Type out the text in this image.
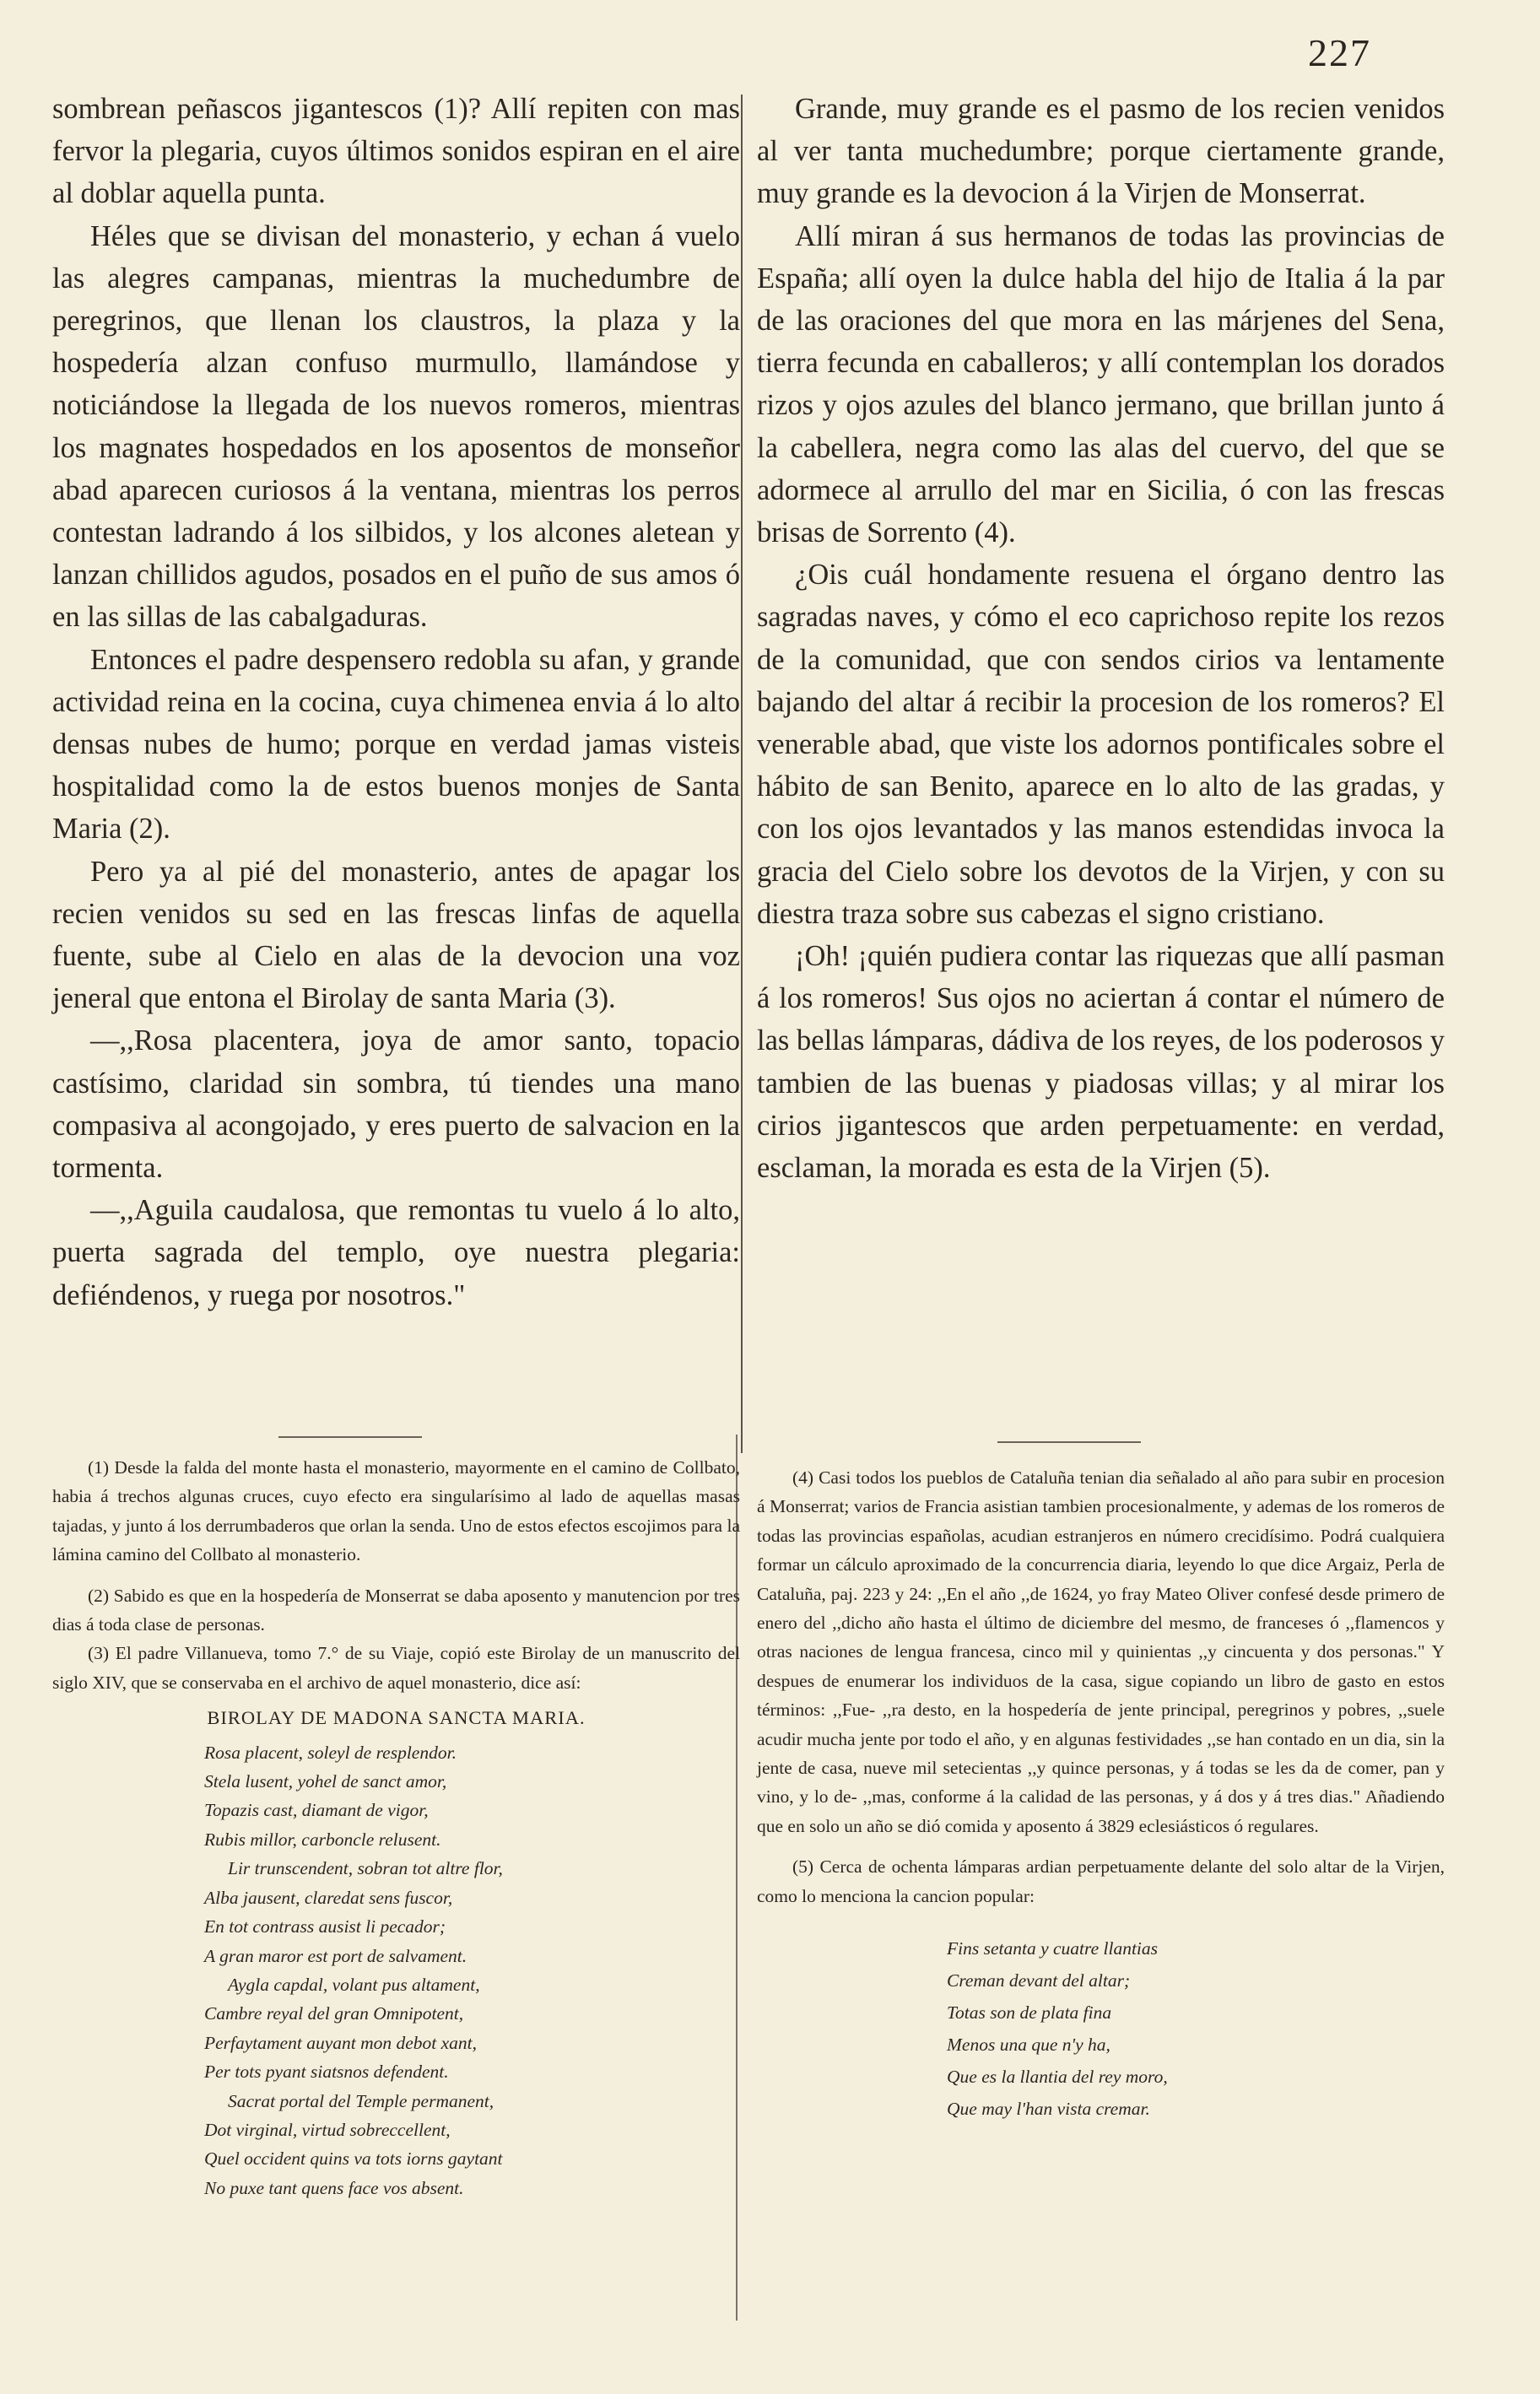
227

sombrean peñascos jigantescos (1)? Allí repiten con mas fervor la plegaria, cuyos últimos sonidos espiran en el aire al doblar aquella punta.

Héles que se divisan del monasterio, y echan á vuelo las alegres campanas, mientras la muchedumbre de peregrinos, que llenan los claustros, la plaza y la hospedería alzan confuso murmullo, llamándose y noticiándose la llegada de los nuevos romeros, mientras los magnates hospedados en los aposentos de monseñor abad aparecen curiosos á la ventana, mientras los perros contestan ladrando á los silbidos, y los alcones aletean y lanzan chillidos agudos, posados en el puño de sus amos ó en las sillas de las cabalgaduras.

Entonces el padre despensero redobla su afan, y grande actividad reina en la cocina, cuya chimenea envia á lo alto densas nubes de humo; porque en verdad jamas visteis hospitalidad como la de estos buenos monjes de Santa Maria (2).

Pero ya al pié del monasterio, antes de apagar los recien venidos su sed en las frescas linfas de aquella fuente, sube al Cielo en alas de la devocion una voz jeneral que entona el Birolay de santa Maria (3).

—,,Rosa placentera, joya de amor santo, topacio castísimo, claridad sin sombra, tú tiendes una mano compasiva al acongojado, y eres puerto de salvacion en la tormenta.

—,,Aguila caudalosa, que remontas tu vuelo á lo alto, puerta sagrada del templo, oye nuestra plegaria: defiéndenos, y ruega por nosotros."

Grande, muy grande es el pasmo de los recien venidos al ver tanta muchedumbre; porque ciertamente grande, muy grande es la devocion á la Virjen de Monserrat.

Allí miran á sus hermanos de todas las provincias de España; allí oyen la dulce habla del hijo de Italia á la par de las oraciones del que mora en las márjenes del Sena, tierra fecunda en caballeros; y allí contemplan los dorados rizos y ojos azules del blanco jermano, que brillan junto á la cabellera, negra como las alas del cuervo, del que se adormece al arrullo del mar en Sicilia, ó con las frescas brisas de Sorrento (4).

¿Ois cuál hondamente resuena el órgano dentro las sagradas naves, y cómo el eco caprichoso repite los rezos de la comunidad, que con sendos cirios va lentamente bajando del altar á recibir la procesion de los romeros? El venerable abad, que viste los adornos pontificales sobre el hábito de san Benito, aparece en lo alto de las gradas, y con los ojos levantados y las manos estendidas invoca la gracia del Cielo sobre los devotos de la Virjen, y con su diestra traza sobre sus cabezas el signo cristiano.

¡Oh! ¡quién pudiera contar las riquezas que allí pasman á los romeros! Sus ojos no aciertan á contar el número de las bellas lámparas, dádiva de los reyes, de los poderosos y tambien de las buenas y piadosas villas; y al mirar los cirios jigantescos que arden perpetuamente: en verdad, esclaman, la morada es esta de la Virjen (5).

(1) Desde la falda del monte hasta el monasterio, mayormente en el camino de Collbato, habia á trechos algunas cruces, cuyo efecto era singularísimo al lado de aquellas masas tajadas, y junto á los derrumbaderos que orlan la senda. Uno de estos efectos escojimos para la lámina camino del Collbato al monasterio.

(2) Sabido es que en la hospedería de Monserrat se daba aposento y manutencion por tres dias á toda clase de personas.

(3) El padre Villanueva, tomo 7.° de su Viaje, copió este Birolay de un manuscrito del siglo XIV, que se conservaba en el archivo de aquel monasterio, dice así:

BIROLAY DE MADONA SANCTA MARIA.

Rosa placent, soleyl de resplendor.
Stela lusent, yohel de sanct amor,
Topazis cast, diamant de vigor,
Rubis millor, carboncle relusent.
Lir trunscendent, sobran tot altre flor,
Alba jausent, claredat sens fuscor,
En tot contrass ausist li pecador;
A gran maror est port de salvament.
Aygla capdal, volant pus altament,
Cambre reyal del gran Omnipotent,
Perfaytament auyant mon debot xant,
Per tots pyant siatsnos defendent.
Sacrat portal del Temple permanent,
Dot virginal, virtud sobreccellent,
Quel occident quins va tots iorns gaytant
No puxe tant quens face vos absent.

(4) Casi todos los pueblos de Cataluña tenian dia señalado al año para subir en procesion á Monserrat; varios de Francia asistian tambien procesionalmente, y ademas de los romeros de todas las provincias españolas, acudian estranjeros en número crecidísimo. Podrá cualquiera formar un cálculo aproximado de la concurrencia diaria, leyendo lo que dice Argaiz, Perla de Cataluña, paj. 223 y 24: ,,En el año ,,de 1624, yo fray Mateo Oliver confesé desde primero de enero del ,,dicho año hasta el último de diciembre del mesmo, de franceses ó ,,flamencos y otras naciones de lengua francesa, cinco mil y quinientas ,,y cincuenta y dos personas." Y despues de enumerar los individuos de la casa, sigue copiando un libro de gasto en estos términos: ,,Fue- ,,ra desto, en la hospedería de jente principal, peregrinos y pobres, ,,suele acudir mucha jente por todo el año, y en algunas festividades ,,se han contado en un dia, sin la jente de casa, nueve mil setecientas ,,y quince personas, y á todas se les da de comer, pan y vino, y lo de- ,,mas, conforme á la calidad de las personas, y á dos y á tres dias." Añadiendo que en solo un año se dió comida y aposento á 3829 eclesiásticos ó regulares.

(5) Cerca de ochenta lámparas ardian perpetuamente delante del solo altar de la Virjen, como lo menciona la cancion popular:

Fins setanta y cuatre llantias
Creman devant del altar;
Totas son de plata fina
Menos una que n'y ha,
Que es la llantia del rey moro,
Que may l'han vista cremar.
